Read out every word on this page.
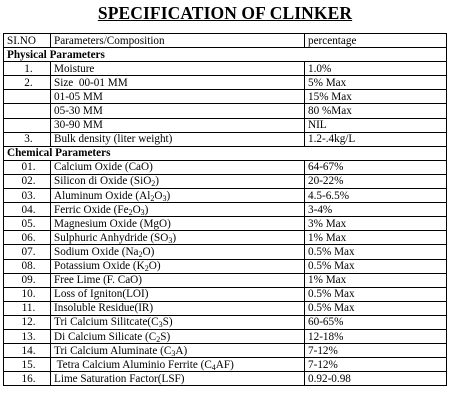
SPECIFICATION OF CLINKER
SI.NO	Parameters/Composition	percentage
Physical Parameters		
1.	Moisture	1.0%
2.	Size  00-01 MM	5% Max
	01-05 MM	15% Max
	05-30 MM	80 %Max
	30-90 MM	NIL
3.	Bulk density (liter weight)	1.2-.4kg/L
Chemical Parameters		
01.	Calcium Oxide (CaO)	64-67%
02.	Silicon di Oxide (SiO$_2$)	20-22%
03.	Aluminum Oxide $(Al_2O_3)$	4.5-6.5%
04.	Ferric Oxide $(Fe_2O_3)$	3-4%
05.	Magnesium Oxide (MgO)	3% Max
06.	Sulphuric Anhydride $(SO_3)$	1% Max
07.	Sodium Oxide $(Na_2O)$	0.5% Max
08.	Potassium Oxide $(K_2O)$	0.5% Max
09.	Free Lime (F. CaO)	1% Max
10.	Loss of Igniton(LOI)	0.5% Max
11.	Insoluble Residue(IR)	0.5% Max
12.	Tri Calcium $Silitcate(C_3S)$	60-65%
13.	Di Calcium Silicate $(C_2S)$	12-18%
14.	Tri Calcium Aluminate $(C_3A)$	7-12%
15.	Tetra Calcium Aluminio Ferrite $(C_4AF)$	7-12%
16.	Lime Saturation Factor(LSF)	0.92-0.98
